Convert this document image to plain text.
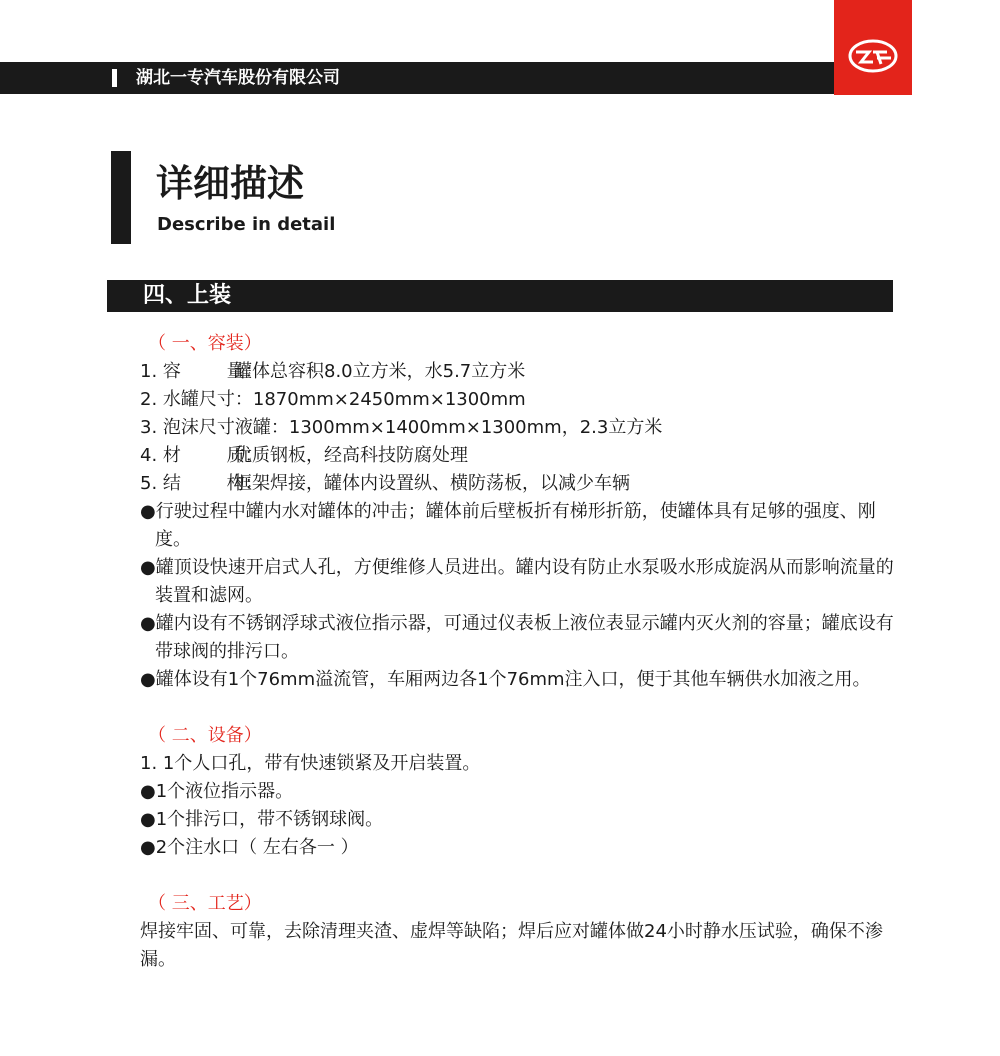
湖北一专汽车股份有限公司
详细描述
Describe in detail
四、上装
（ 一、容装）
1. 容        量：罐体总容积8.0立方米，水5.7立方米
2. 水罐尺寸：1870mm×2450mm×1300mm
3. 泡沫尺寸液罐：1300mm×1400mm×1300mm，2.3立方米
4. 材        质：优质钢板，经高科技防腐处理
5. 结        构：框架焊接，罐体内设置纵、横防荡板，以减少车辆
●行驶过程中罐内水对罐体的冲击；罐体前后壁板折有梯形折筋，使罐体具有足够的强度、刚度。
●罐顶设快速开启式人孔，方便维修人员进出。罐内设有防止水泵吸水形成旋涡从而影响流量的装置和滤网。
●罐内设有不锈钢浮球式液位指示器，可通过仪表板上液位表显示罐内灭火剂的容量；罐底设有带球阀的排污口。
●罐体设有1个76mm溢流管，车厢两边各1个76mm注入口，便于其他车辆供水加液之用。
（ 二、设备）
1. 1个人口孔，带有快速锁紧及开启装置。
●1个液位指示器。
●1个排污口，带不锈钢球阀。
●2个注水口（ 左右各一 ）
（ 三、工艺）
焊接牢固、可靠，去除清理夹渣、虚焊等缺陷；焊后应对罐体做24小时静水压试验，确保不渗漏。
